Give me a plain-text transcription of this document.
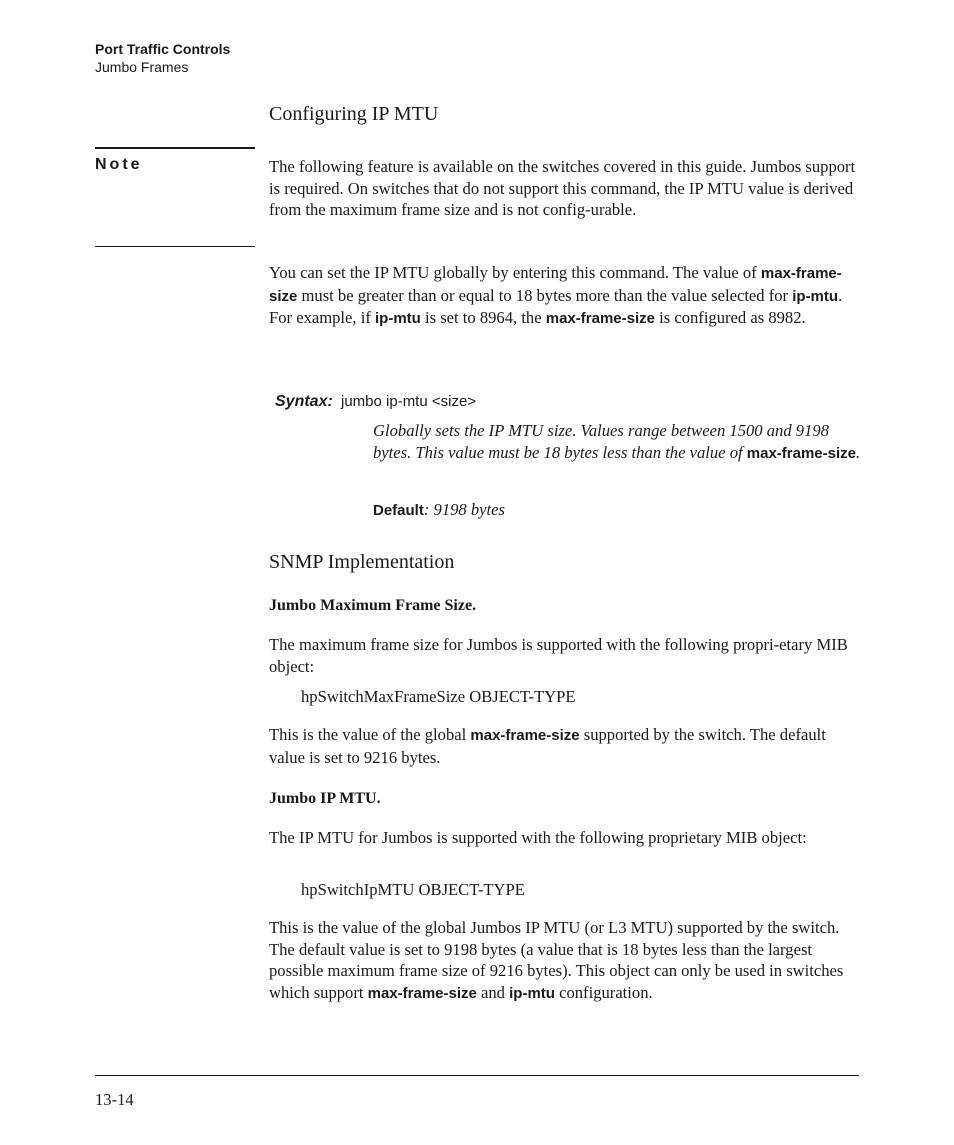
Port Traffic Controls
Jumbo Frames
Configuring IP MTU
Note	The following feature is available on the switches covered in this guide. Jumbos support is required. On switches that do not support this command, the IP MTU value is derived from the maximum frame size and is not config-urable.
You can set the IP MTU globally by entering this command. The value of max-frame-size must be greater than or equal to 18 bytes more than the value selected for ip-mtu. For example, if ip-mtu is set to 8964, the max-frame-size is configured as 8982.
Syntax: jumbo ip-mtu <size>
Globally sets the IP MTU size. Values range between 1500 and 9198 bytes. This value must be 18 bytes less than the value of max-frame-size.
Default: 9198 bytes
SNMP Implementation
Jumbo Maximum Frame Size.
The maximum frame size for Jumbos is supported with the following propri-etary MIB object:
hpSwitchMaxFrameSize OBJECT-TYPE
This is the value of the global max-frame-size supported by the switch. The default value is set to 9216 bytes.
Jumbo IP MTU.
The IP MTU for Jumbos is supported with the following proprietary MIB object:
hpSwitchIpMTU OBJECT-TYPE
This is the value of the global Jumbos IP MTU (or L3 MTU) supported by the switch. The default value is set to 9198 bytes (a value that is 18 bytes less than the largest possible maximum frame size of 9216 bytes). This object can only be used in switches which support max-frame-size and ip-mtu configuration.
13-14
